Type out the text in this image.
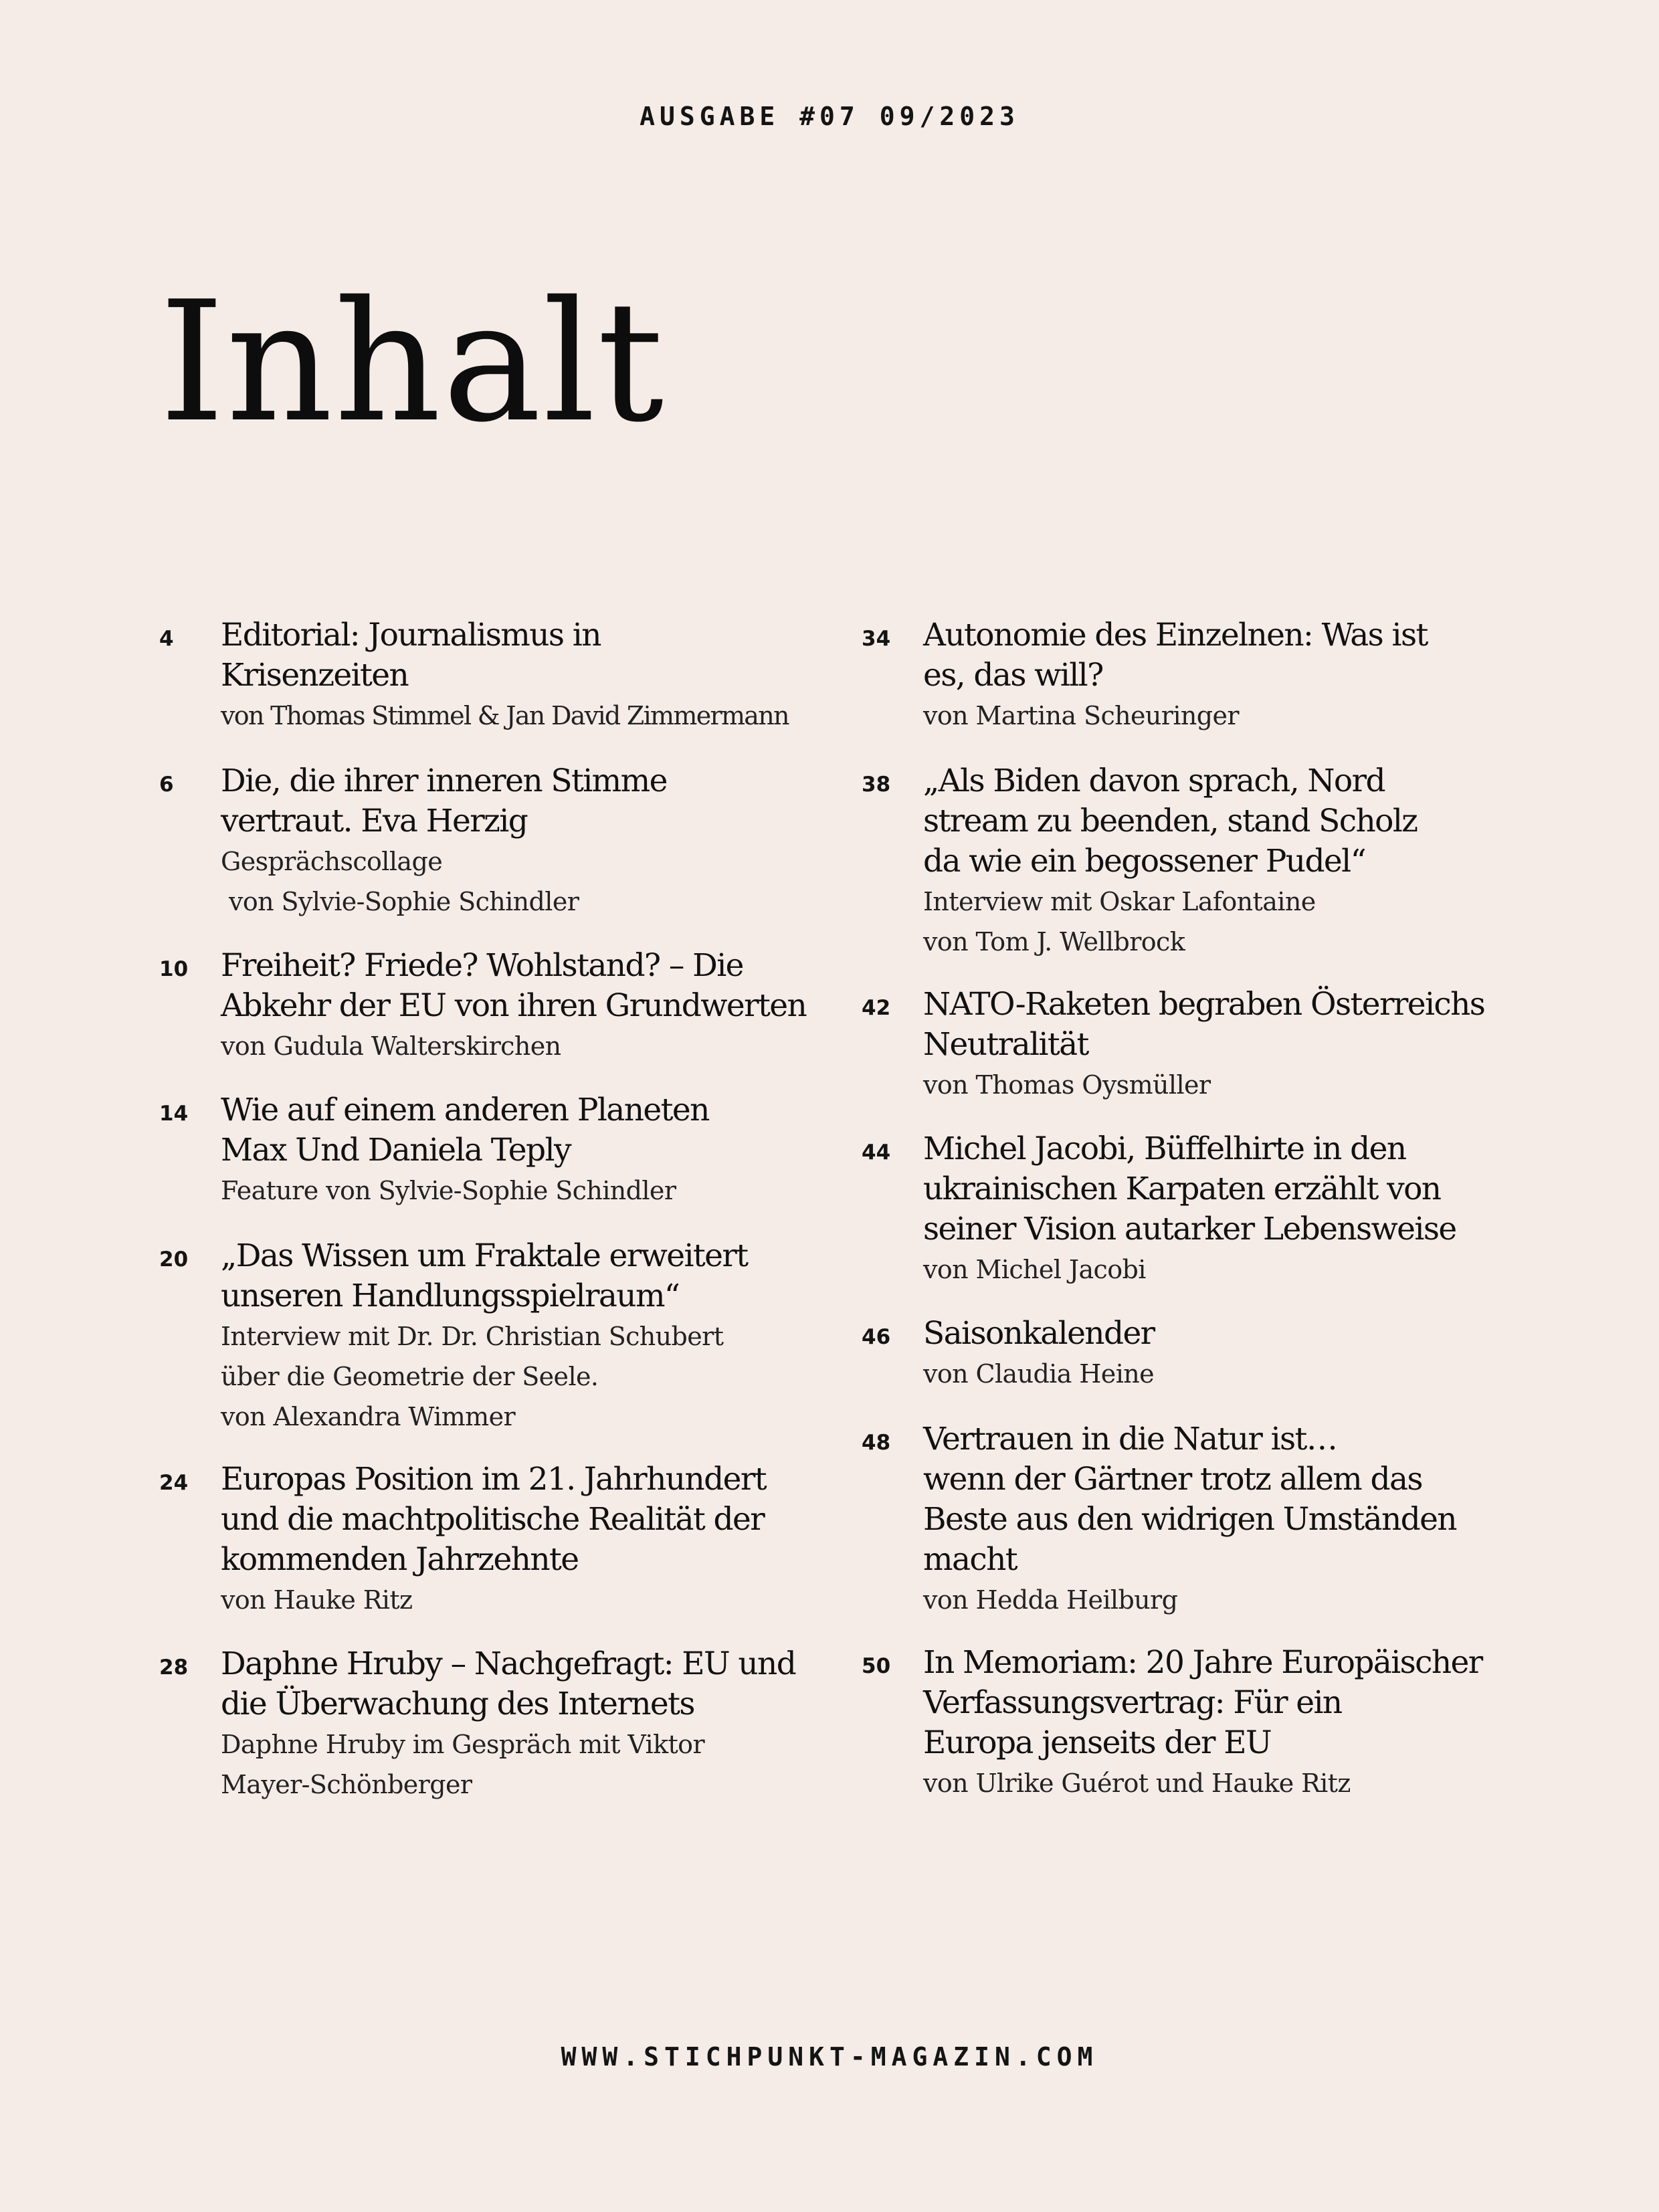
AUSGABE #07 09/2023
Inhalt
4 Editorial: Journalismus in
Krisenzeiten
von Thomas Stimmel & Jan David Zimmermann
6 Die, die ihrer inneren Stimme
vertraut. Eva Herzig
Gesprächscollage
von Sylvie-Sophie Schindler
10 Freiheit? Friede? Wohlstand? – Die
Abkehr der EU von ihren Grundwerten
von Gudula Walterskirchen
14 Wie auf einem anderen Planeten
Max Und Daniela Teply
Feature von Sylvie-Sophie Schindler
20 „Das Wissen um Fraktale erweitert
unseren Handlungsspielraum“
Interview mit Dr. Dr. Christian Schubert
über die Geometrie der Seele.
von Alexandra Wimmer
24 Europas Position im 21. Jahrhundert
und die machtpolitische Realität der
kommenden Jahrzehnte
von Hauke Ritz
28 Daphne Hruby – Nachgefragt: EU und
die Überwachung des Internets
Daphne Hruby im Gespräch mit Viktor
Mayer-Schönberger
34 Autonomie des Einzelnen: Was ist
es, das will?
von Martina Scheuringer
38 „Als Biden davon sprach, Nord
stream zu beenden, stand Scholz
da wie ein begossener Pudel“
Interview mit Oskar Lafontaine
von Tom J. Wellbrock
42 NATO-Raketen begraben Österreichs
Neutralität
von Thomas Oysmüller
44 Michel Jacobi, Büffelhirte in den
ukrainischen Karpaten erzählt von
seiner Vision autarker Lebensweise
von Michel Jacobi
46 Saisonkalender
von Claudia Heine
48 Vertrauen in die Natur ist…
wenn der Gärtner trotz allem das
Beste aus den widrigen Umständen
macht
von Hedda Heilburg
50 In Memoriam: 20 Jahre Europäischer
Verfassungsvertrag: Für ein
Europa jenseits der EU
von Ulrike Guérot und Hauke Ritz
WWW.STICHPUNKT-MAGAZIN.COM
